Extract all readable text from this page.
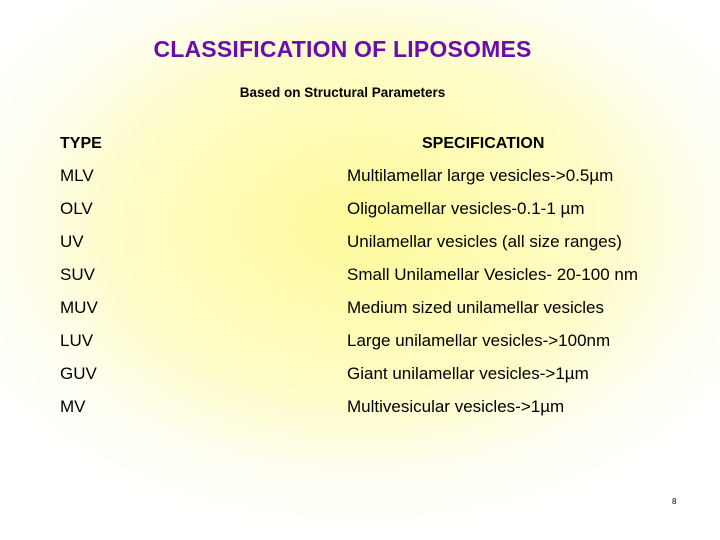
CLASSIFICATION OF LIPOSOMES
Based on Structural Parameters
TYPE	SPECIFICATION
MLV	Multilamellar large vesicles->0.5µm
OLV	Oligolamellar vesicles-0.1-1 µm
UV	Unilamellar vesicles (all size ranges)
SUV	Small Unilamellar Vesicles- 20-100 nm
MUV	Medium sized unilamellar vesicles
LUV	Large unilamellar vesicles->100nm
GUV	Giant unilamellar vesicles->1µm
MV	Multivesicular vesicles->1µm
8
